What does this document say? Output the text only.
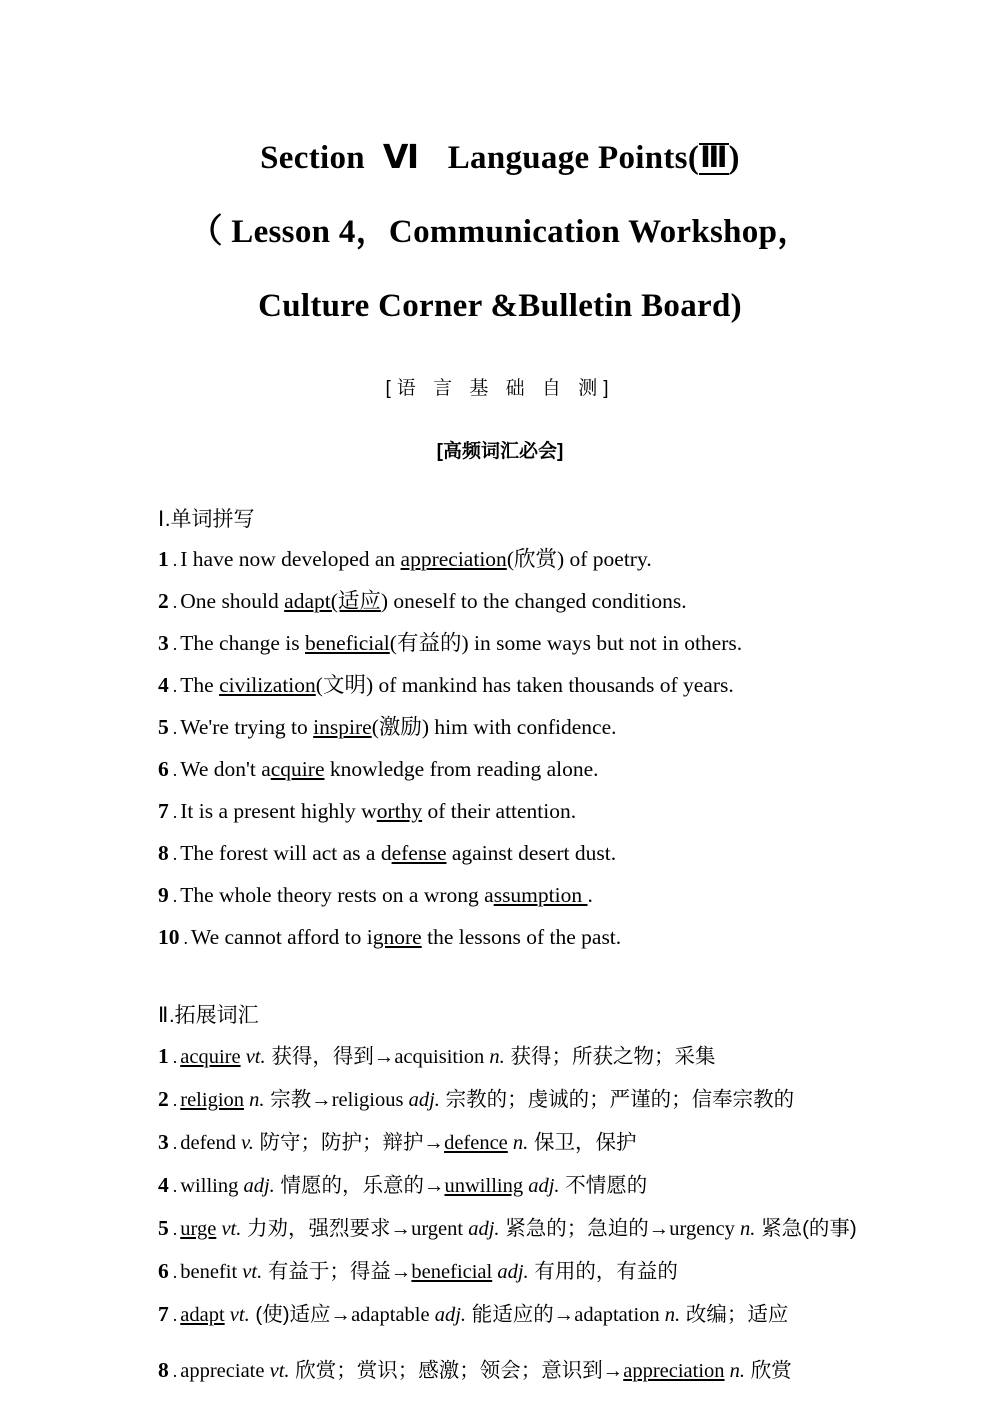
Section Ⅵ Language Points(Ⅲ)
（ Lesson 4，Communication Workshop，
Culture Corner &Bulletin Board)
[语 言 基 础 自 测]
[高频词汇必会]
Ⅰ.单词拼写
1 . I have now developed an appreciation(欣赏) of poetry.
2 . One should adapt(适应) oneself to the changed conditions.
3 . The change is beneficial(有益的) in some ways but not in others.
4 . The civilization(文明) of mankind has taken thousands of years.
5 . We're trying to inspire(激励) him with confidence.
6 . We don't acquire knowledge from reading alone.
7 . It is a present highly worthy of their attention.
8 . The forest will act as a defense against desert dust.
9 . The whole theory rests on a wrong assumption .
10 . We cannot afford to ignore the lessons of the past.
Ⅱ.拓展词汇
1 . acquire vt. 获得，得到→acquisition n. 获得；所获之物；采集
2 . religion n. 宗教→religious adj. 宗教的；虔诚的；严谨的；信奉宗教的
3 . defend v. 防守；防护；辩护→defence n. 保卫，保护
4 . willing adj. 情愿的，乐意的→unwilling adj. 不情愿的
5 . urge vt. 力劝，强烈要求→urgent adj. 紧急的；急迫的→urgency n. 紧急(的事)
6 . benefit vt. 有益于；得益→beneficial adj. 有用的，有益的
7 . adapt vt. (使)适应→adaptable adj. 能适应的→adaptation n. 改编；适应
8 . appreciate vt. 欣赏；赏识；感激；领会；意识到→appreciation n. 欣赏
